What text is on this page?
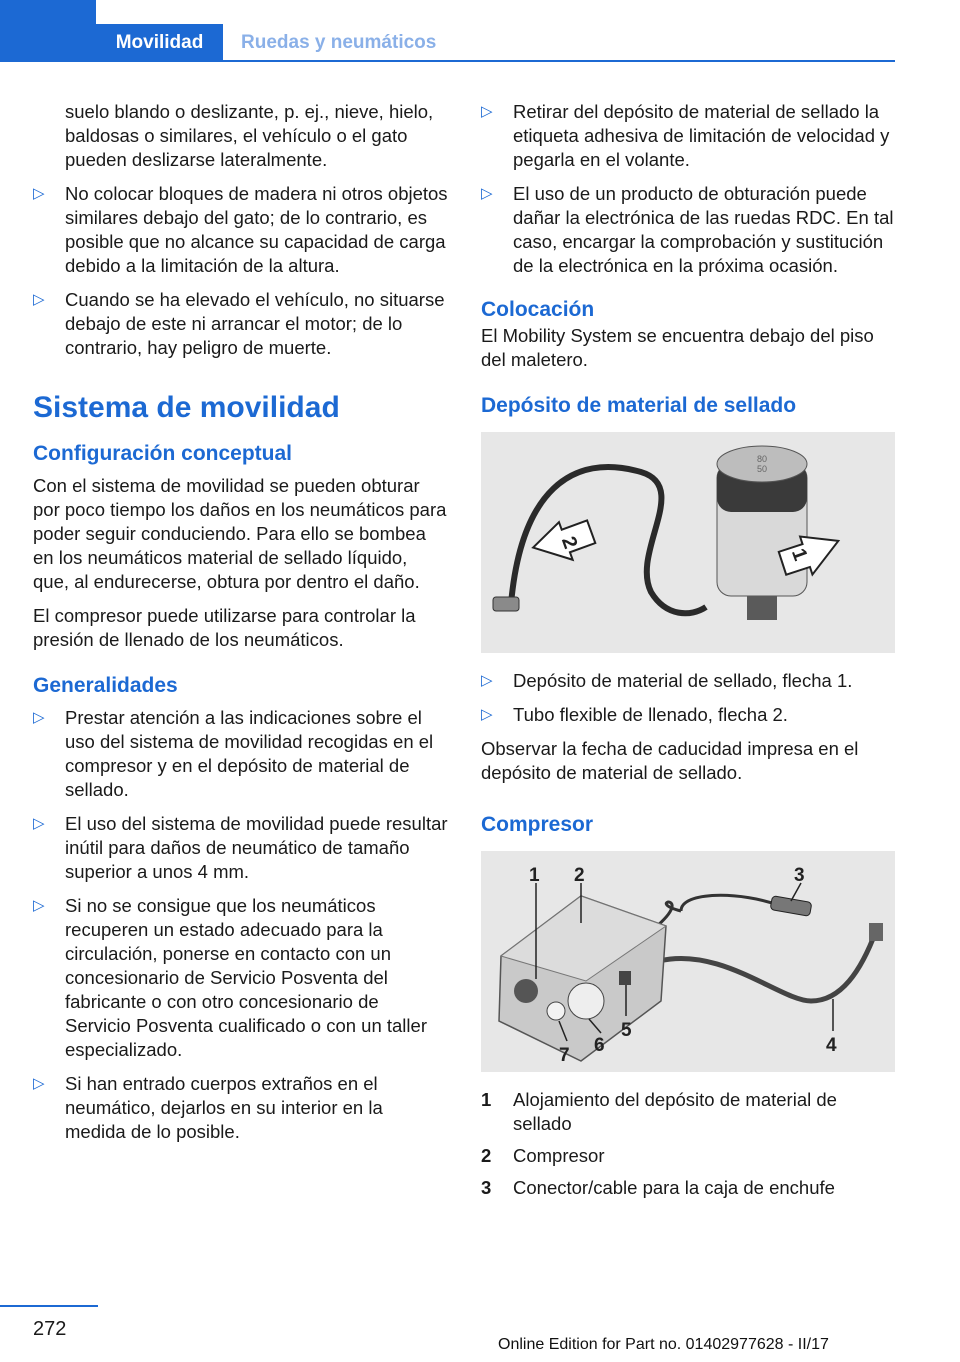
Movilidad	Ruedas y neumáticos

suelo blando o deslizante, p. ej., nieve, hielo, baldosas o similares, el vehículo o el gato pueden deslizarse lateralmente.

▷ No colocar bloques de madera ni otros objetos similares debajo del gato; de lo contrario, es posible que no alcance su capacidad de carga debido a la limitación de la altura.
▷ Cuando se ha elevado el vehículo, no situarse debajo de este ni arrancar el motor; de lo contrario, hay peligro de muerte.
Sistema de movilidad
Configuración conceptual

Con el sistema de movilidad se pueden obturar por poco tiempo los daños en los neumáticos para poder seguir conduciendo. Para ello se bombea en los neumáticos material de sellado líquido, que, al endurecerse, obtura por dentro el daño.

El compresor puede utilizarse para controlar la presión de llenado de los neumáticos.

Generalidades
▷ Prestar atención a las indicaciones sobre el uso del sistema de movilidad recogidas en el compresor y en el depósito de material de sellado.
▷ El uso del sistema de movilidad puede resultar inútil para daños de neumático de tamaño superior a unos 4 mm.
▷ Si no se consigue que los neumáticos recuperen un estado adecuado para la circulación, ponerse en contacto con un concesionario de Servicio Posventa del fabricante o con otro concesionario de Servicio Posventa cualificado o con un taller especializado.
▷ Si han entrado cuerpos extraños en el neumático, dejarlos en su interior en la medida de lo posible.
▷ Retirar del depósito de material de sellado la etiqueta adhesiva de limitación de velocidad y pegarla en el volante.
▷ El uso de un producto de obturación puede dañar la electrónica de las ruedas RDC. En tal caso, encargar la comprobación y sustitución de la electrónica en la próxima ocasión.
Colocación

El Mobility System se encuentra debajo del piso del maletero.

Depósito de material de sellado
80
50
2
1
▷ Depósito de material de sellado, flecha 1.
▷ Tubo flexible de llenado, flecha 2.

Observar la fecha de caducidad impresa en el depósito de material de sellado.

Compresor
1 2	3
4
5
6
7
1	Alojamiento del depósito de material de sellado
2	Compresor
3	Conector/cable para la caja de enchufe
272
Online Edition for Part no. 01402977628 - II/17
